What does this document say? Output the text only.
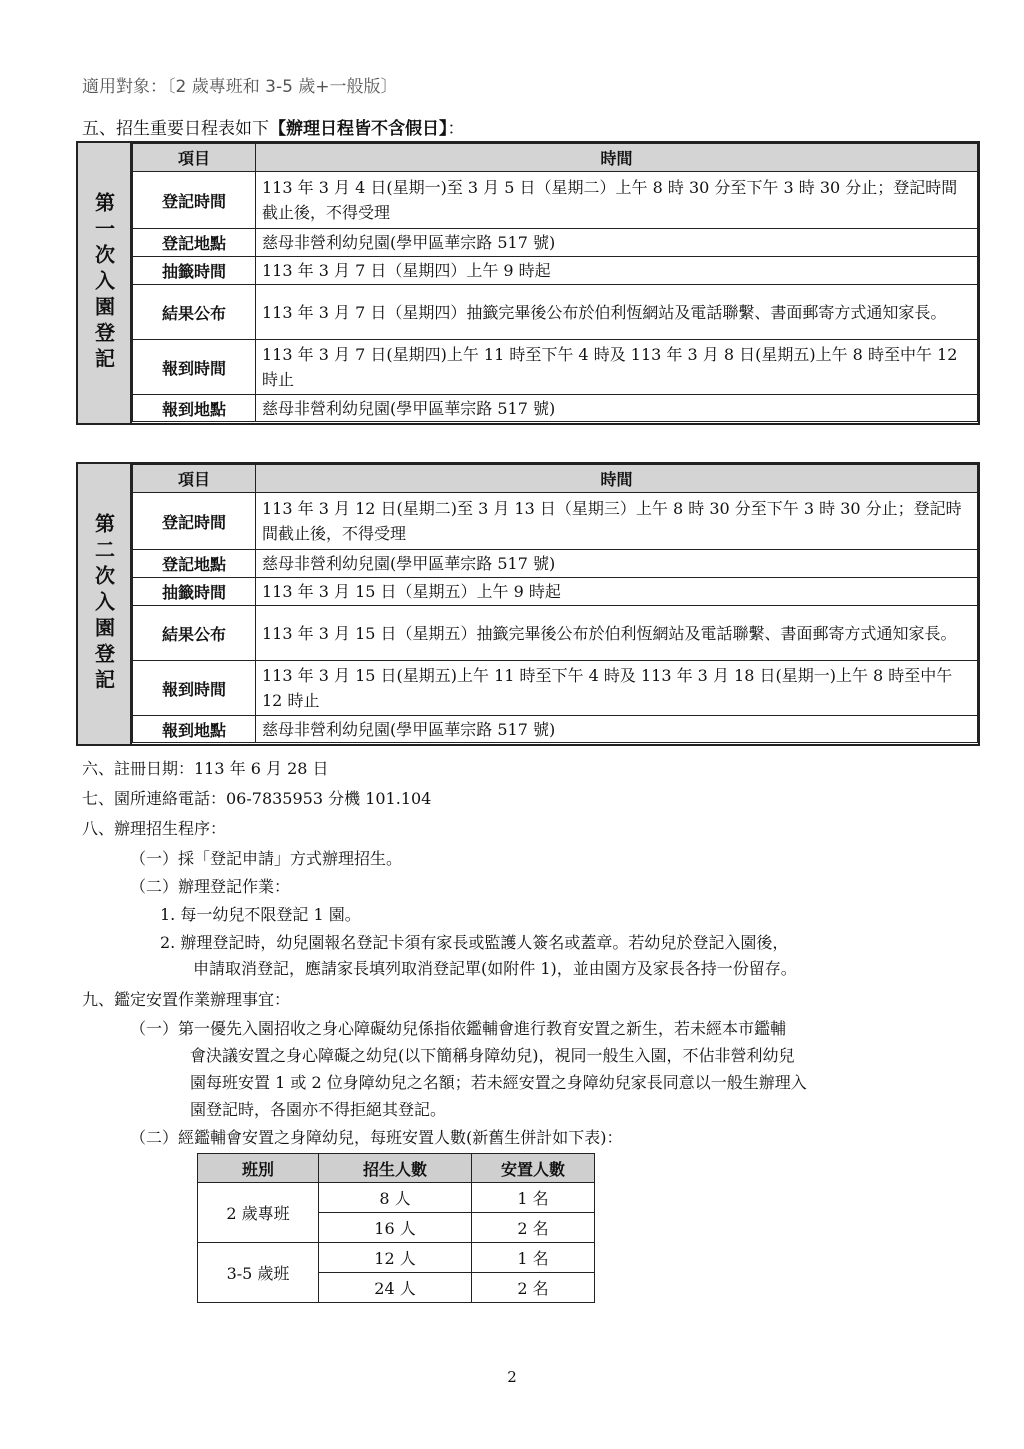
適用對象：〔2 歲專班和 3-5 歲+一般版〕
五、招生重要日程表如下【辦理日程皆不含假日】：
第一次入園登記
項目	時間
登記時間	113 年 3 月 4 日(星期一)至 3 月 5 日（星期二）上午 8 時 30 分至下午 3 時 30 分止；登記時間截止後，不得受理
登記地點	慈母非營利幼兒園(學甲區華宗路 517 號)
抽籤時間	113 年 3 月 7 日（星期四）上午 9 時起
結果公布	113 年 3 月 7 日（星期四）抽籤完畢後公布於伯利恆網站及電話聯繫、書面郵寄方式通知家長。
報到時間	113 年 3 月 7 日(星期四)上午 11 時至下午 4 時及 113 年 3 月 8 日(星期五)上午 8 時至中午 12 時止
報到地點	慈母非營利幼兒園(學甲區華宗路 517 號)
第二次入園登記
項目	時間
登記時間	113 年 3 月 12 日(星期二)至 3 月 13 日（星期三）上午 8 時 30 分至下午 3 時 30 分止；登記時間截止後，不得受理
登記地點	慈母非營利幼兒園(學甲區華宗路 517 號)
抽籤時間	113 年 3 月 15 日（星期五）上午 9 時起
結果公布	113 年 3 月 15 日（星期五）抽籤完畢後公布於伯利恆網站及電話聯繫、書面郵寄方式通知家長。
報到時間	113 年 3 月 15 日(星期五)上午 11 時至下午 4 時及 113 年 3 月 18 日(星期一)上午 8 時至中午 12 時止
報到地點	慈母非營利幼兒園(學甲區華宗路 517 號)
六、註冊日期：113 年 6 月 28 日
七、園所連絡電話：06-7835953 分機 101.104
八、辦理招生程序：
（一）採「登記申請」方式辦理招生。
（二）辦理登記作業：
1. 每一幼兒不限登記 1 園。
2. 辦理登記時，幼兒園報名登記卡須有家長或監護人簽名或蓋章。若幼兒於登記入園後，
申請取消登記，應請家長填列取消登記單(如附件 1)，並由園方及家長各持一份留存。
九、鑑定安置作業辦理事宜：
（一）第一優先入園招收之身心障礙幼兒係指依鑑輔會進行教育安置之新生，若未經本市鑑輔
會決議安置之身心障礙之幼兒(以下簡稱身障幼兒)，視同一般生入園，不佔非營利幼兒
園每班安置 1 或 2 位身障幼兒之名額；若未經安置之身障幼兒家長同意以一般生辦理入
園登記時，各園亦不得拒絕其登記。
（二）經鑑輔會安置之身障幼兒，每班安置人數(新舊生併計如下表)：
班別	招生人數	安置人數
2 歲專班	8 人	1 名
	16 人	2 名
3-5 歲班	12 人	1 名
	24 人	2 名
2
